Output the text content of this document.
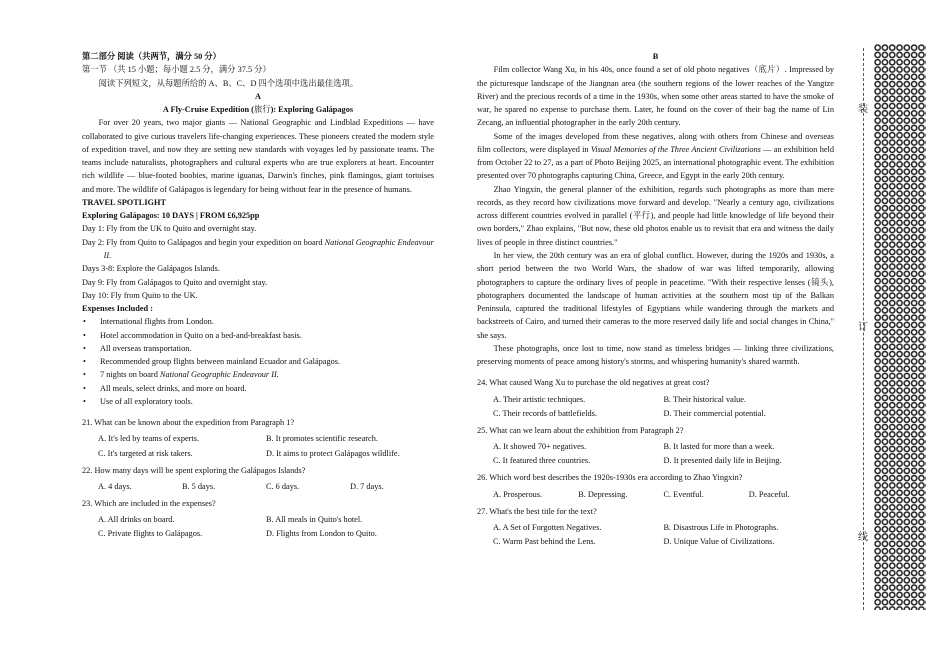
第二部分 阅读（共两节，满分 50 分）

第一节 （共 15 小题；每小题 2.5 分，满分 37.5 分）

阅读下列短文，从每题所给的 A、B、C、D 四个选项中选出最佳选项。

A

A Fly-Cruise Expedition (旅行): Exploring Galápagos

For over 20 years, two major giants — National Geographic and Lindblad Expeditions — have collaborated to give curious travelers life-changing experiences. These pioneers created the modern style of expedition travel, and now they are setting new standards with voyages led by passionate teams. The teams include naturalists, photographers and cultural experts who are true explorers at heart. Encounter rich wildlife — blue-footed boobies, marine iguanas, Darwin's finches, pink flamingos, giant tortoises and more. The wildlife of Galápagos is legendary for being without fear in the presence of humans.

TRAVEL SPOTLIGHT

Exploring Galápagos: 10 DAYS | FROM £6,925pp

Day 1: Fly from the UK to Quito and overnight stay.

Day 2: Fly from Quito to Galápagos and begin your expedition on board National Geographic Endeavour II.

Days 3-8: Explore the Galápagos Islands.

Day 9: Fly from Galápagos to Quito and overnight stay.

Day 10: Fly from Quito to the UK.

Expenses Included :

• International flights from London.
• Hotel accommodation in Quito on a bed-and-breakfast basis.
• All overseas transportation.
• Recommended group flights between mainland Ecuador and Galápagos.
• 7 nights on board National Geographic Endeavour II.
• All meals, select drinks, and more on board.
• Use of all exploratory tools.

21. What can be known about the expedition from Paragraph 1?

A. It's led by teams of experts.	B. It promotes scientific research.
C. It's targeted at risk takers.	D. It aims to protect Galápagos wildlife.

22. How many days will be spent exploring the Galápagos Islands?

A. 4 days.	B. 5 days.	C. 6 days.	D. 7 days.

23. Which are included in the expenses?

A. All drinks on board.	B. All meals in Quito's hotel.
C. Private flights to Galápagos.	D. Flights from London to Quito.

B

Film collector Wang Xu, in his 40s, once found a set of old photo negatives（底片）. Impressed by the picturesque landscape of the Jiangnan area (the southern regions of the lower reaches of the Yangtze River) and the precious records of a time in the 1930s, when some other areas started to have the smoke of war, he spared no expense to purchase them. Later, he found on the cover of their bag the name of Lin Zecang, an influential photographer in the early 20th century.

Some of the images developed from these negatives, along with others from Chinese and overseas film collectors, were displayed in Visual Memories of the Three Ancient Civilizations — an exhibition held from October 22 to 27, as a part of Photo Beijing 2025, an international photographic event. The exhibition presented over 70 photographs capturing China, Greece, and Egypt in the early 20th century.

Zhao Yingxin, the general planner of the exhibition, regards such photographs as more than mere records, as they record how civilizations move forward and develop. "Nearly a century ago, civilizations across different countries evolved in parallel (平行), and people had little knowledge of life beyond their own borders," Zhao explains, "But now, these old photos enable us to revisit that era and witness the daily lives of people in three distinct countries."

In her view, the 20th century was an era of global conflict. However, during the 1920s and 1930s, a short period between the two World Wars, the shadow of war was lifted temporarily, allowing photographers to capture the ordinary lives of people in peacetime. "With their respective lenses (镜头), photographers documented the landscape of human activities at the southern most tip of the Balkan Peninsula, captured the traditional lifestyles of Egyptians while wandering through the markets and backstreets of Cairo, and turned their cameras to the more reserved daily life and social changes in China," she says.

These photographs, once lost to time, now stand as timeless bridges — linking three civilizations, preserving moments of peace among history's storms, and whispering humanity's shared warmth.

24. What caused Wang Xu to purchase the old negatives at great cost?

A. Their artistic techniques.	B. Their historical value.
C. Their records of battlefields.	D. Their commercial potential.

25. What can we learn about the exhibition from Paragraph 2?

A. It showed 70+ negatives.	B. It lasted for more than a week.
C. It featured three countries.	D. It presented daily life in Beijing.

26. Which word best describes the 1920s-1930s era according to Zhao Yingxin?

A. Prosperous.	B. Depressing.	C. Eventful.	D. Peaceful.

27. What's the best title for the text?

A. A Set of Forgotten Negatives.	B. Disastrous Life in Photographs.
C. Warm Past behind the Lens.	D. Unique Value of Civilizations.
装
订
线
